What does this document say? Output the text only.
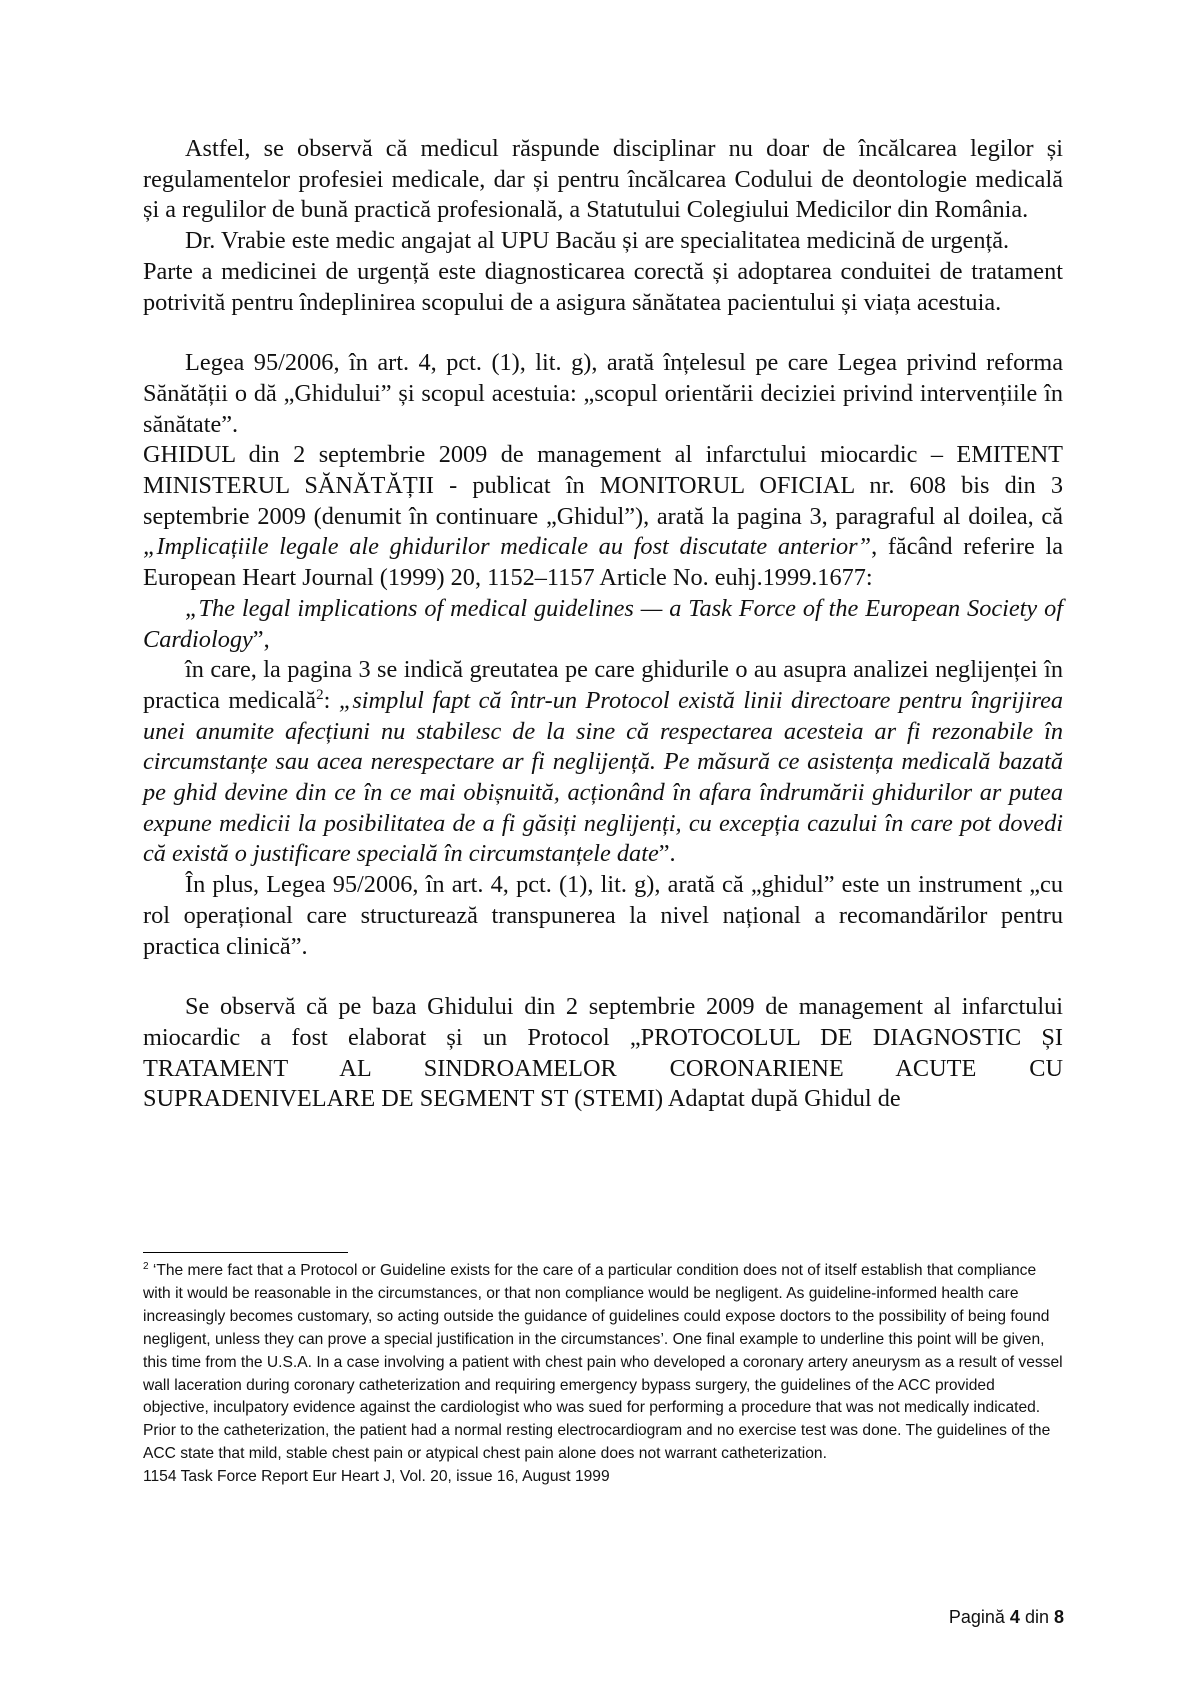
Astfel, se observă că medicul răspunde disciplinar nu doar de încălcarea legilor și regulamentelor profesiei medicale, dar și pentru încălcarea Codului de deontologie medicală și a regulilor de bună practică profesională, a Statutului Colegiului Medicilor din România.

Dr. Vrabie este medic angajat al UPU Bacău și are specialitatea medicină de urgență.

Parte a medicinei de urgență este diagnosticarea corectă și adoptarea conduitei de tratament potrivită pentru îndeplinirea scopului de a asigura sănătatea pacientului și viața acestuia.

Legea 95/2006, în art. 4, pct. (1), lit. g), arată înțelesul pe care Legea privind reforma Sănătății o dă „Ghidului” și scopul acestuia: „scopul orientării deciziei privind intervențiile în sănătate”.

GHIDUL din 2 septembrie 2009 de management al infarctului miocardic – EMITENT MINISTERUL SĂNĂTĂȚII - publicat în MONITORUL OFICIAL nr. 608 bis din 3 septembrie 2009 (denumit în continuare „Ghidul”), arată la pagina 3, paragraful al doilea, că „Implicațiile legale ale ghidurilor medicale au fost discutate anterior”, făcând referire la European Heart Journal (1999) 20, 1152–1157 Article No. euhj.1999.1677:

„The legal implications of medical guidelines — a Task Force of the European Society of Cardiology”,

în care, la pagina 3 se indică greutatea pe care ghidurile o au asupra analizei neglijenței în practica medicală$^2$: „simplul fapt că într-un Protocol există linii directoare pentru îngrijirea unei anumite afecțiuni nu stabilesc de la sine că respectarea acesteia ar fi rezonabile în circumstanțe sau acea nerespectare ar fi neglijență. Pe măsură ce asistența medicală bazată pe ghid devine din ce în ce mai obișnuită, acționând în afara îndrumării ghidurilor ar putea expune medicii la posibilitatea de a fi găsiți neglijenți, cu excepția cazului în care pot dovedi că există o justificare specială în circumstanțele date”.

În plus, Legea 95/2006, în art. 4, pct. (1), lit. g), arată că „ghidul” este un instrument „cu rol operațional care structurează transpunerea la nivel național a recomandărilor pentru practica clinică”.

Se observă că pe baza Ghidului din 2 septembrie 2009 de management al infarctului miocardic a fost elaborat și un Protocol „PROTOCOLUL DE DIAGNOSTIC ȘI TRATAMENT AL SINDROAMELOR CORONARIENE ACUTE CU SUPRADENIVELARE DE SEGMENT ST (STEMI) Adaptat după Ghidul de

$^2$ ‘The mere fact that a Protocol or Guideline exists for the care of a particular condition does not of itself establish that compliance with it would be reasonable in the circumstances, or that non compliance would be negligent. As guideline-informed health care increasingly becomes customary, so acting outside the guidance of guidelines could expose doctors to the possibility of being found negligent, unless they can prove a special justification in the circumstances’. One final example to underline this point will be given, this time from the U.S.A. In a case involving a patient with chest pain who developed a coronary artery aneurysm as a result of vessel wall laceration during coronary catheterization and requiring emergency bypass surgery, the guidelines of the ACC provided objective, inculpatory evidence against the cardiologist who was sued for performing a procedure that was not medically indicated. Prior to the catheterization, the patient had a normal resting electrocardiogram and no exercise test was done. The guidelines of the ACC state that mild, stable chest pain or atypical chest pain alone does not warrant catheterization.

1154 Task Force Report Eur Heart J, Vol. 20, issue 16, August 1999

Pagină 4 din 8
